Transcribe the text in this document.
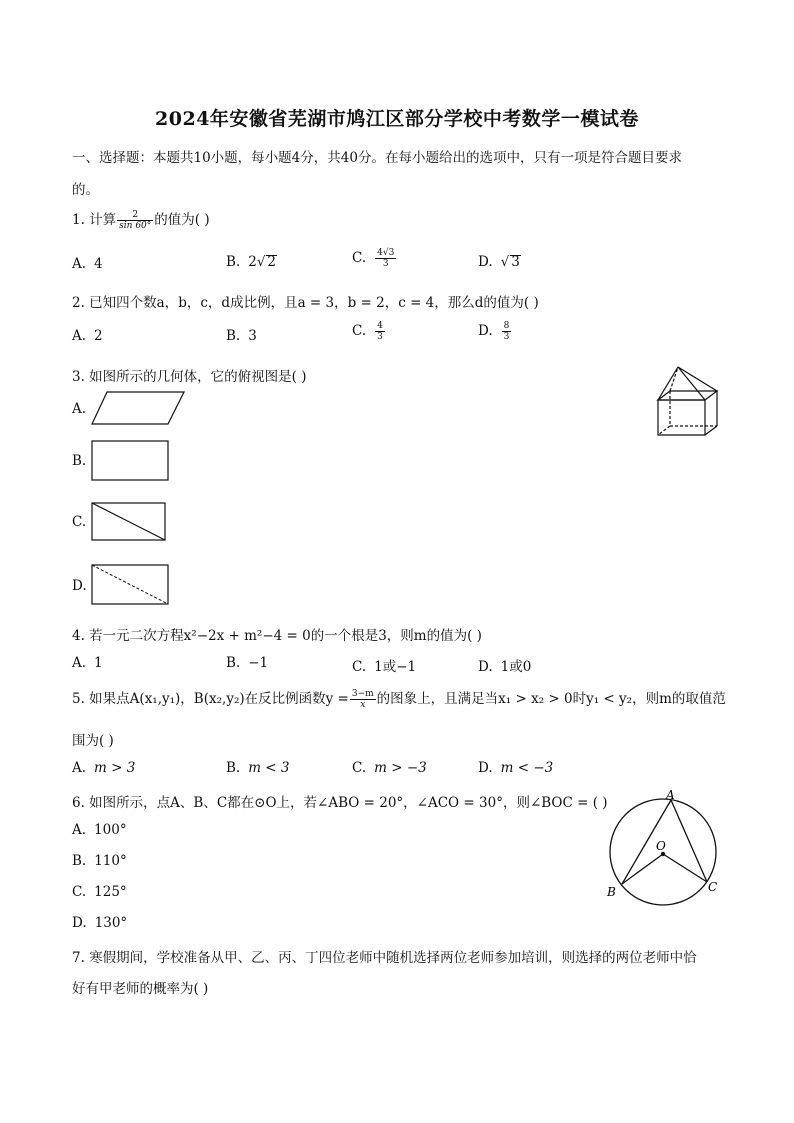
2024年安徽省芜湖市鸠江区部分学校中考数学一模试卷
一、选择题：本题共10小题，每小题4分，共40分。在每小题给出的选项中，只有一项是符合题目要求
的。
1. 计算 $\frac{2}{\sin 60^\circ}$ 的值为( )
A. 4	B. 2√ 2	C. $\frac{4√3}{3}$	D. √ 3
2. 已知四个数a，b，c，d成比例，且a = 3，b = 2，c = 4，那么d的值为( )
A. 2	B. 3	C. $\frac{4}{3}$	D. $\frac{8}{3}$
3. 如图所示的几何体，它的俯视图是( )
A.
B.
C.
D.
4. 若一元二次方程x²−2x + m²−4 = 0的一个根是3，则m的值为( )
A. 1	B. −1	C. 1或−1	D. 1或0
5. 如果点A(x₁,y₁)，B(x₂,y₂)在反比例函数$y = \frac{3-m}{x}$ 的图象上，且满足当x₁ > x₂ > 0时y₁ < y₂，则m的取值范
围为( )
A. m > 3	B. m < 3	C. m > −3	D. m < −3
6. 如图所示，点A、B、C都在⊙O上，若∠ABO = 20°，∠ACO = 30°，则∠BOC = ( )
A. 100°
B. 110°
C. 125°
D. 130°
A
B	C
O
7. 寒假期间，学校准备从甲、乙、丙、丁四位老师中随机选择两位老师参加培训，则选择的两位老师中恰
好有甲老师的概率为( )
